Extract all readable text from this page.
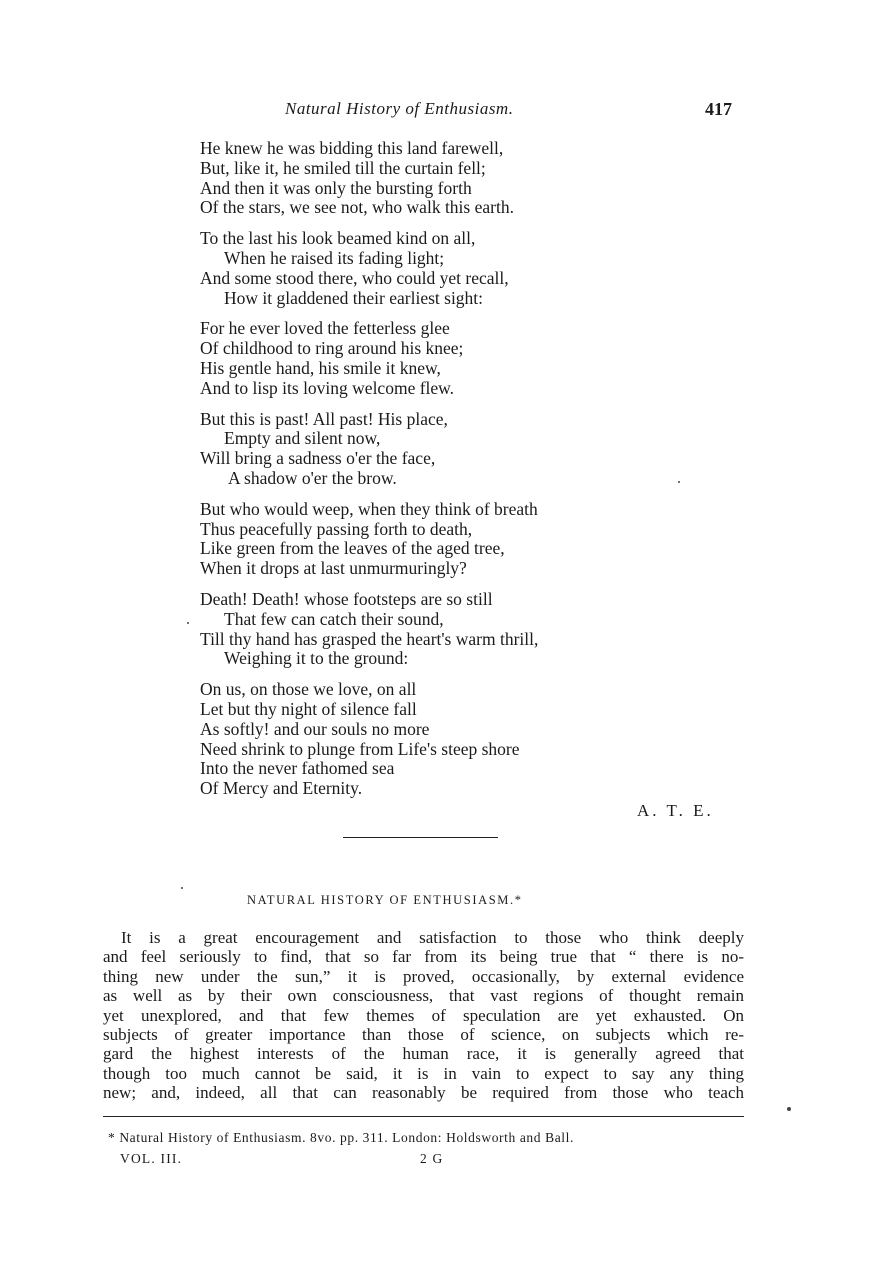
Natural History of Enthusiasm.	417
He knew he was bidding this land farewell,
But, like it, he smiled till the curtain fell;
And then it was only the bursting forth
Of the stars, we see not, who walk this earth.
To the last his look beamed kind on all,
When he raised its fading light;
And some stood there, who could yet recall,
How it gladdened their earliest sight:
For he ever loved the fetterless glee
Of childhood to ring around his knee;
His gentle hand, his smile it knew,
And to lisp its loving welcome flew.
But this is past! All past! His place,
Empty and silent now,
Will bring a sadness o'er the face,
A shadow o'er the brow.
But who would weep, when they think of breath
Thus peacefully passing forth to death,
Like green from the leaves of the aged tree,
When it drops at last unmurmuringly?
Death! Death! whose footsteps are so still
That few can catch their sound,
Till thy hand has grasped the heart's warm thrill,
Weighing it to the ground:
On us, on those we love, on all
Let but thy night of silence fall
As softly! and our souls no more
Need shrink to plunge from Life's steep shore
Into the never fathomed sea
Of Mercy and Eternity.
A. T. E.
NATURAL HISTORY OF ENTHUSIASM.*
It is a great encouragement and satisfaction to those who think deeply
and feel seriously to find, that so far from its being true that “ there is no-
thing new under the sun,” it is proved, occasionally, by external evidence
as well as by their own consciousness, that vast regions of thought remain
yet unexplored, and that few themes of speculation are yet exhausted. On
subjects of greater importance than those of science, on subjects which re-
gard the highest interests of the human race, it is generally agreed that
though too much cannot be said, it is in vain to expect to say any thing
new; and, indeed, all that can reasonably be required from those who teach
* Natural History of Enthusiasm. 8vo. pp. 311. London: Holdsworth and Ball.
VOL. III.	2 G
